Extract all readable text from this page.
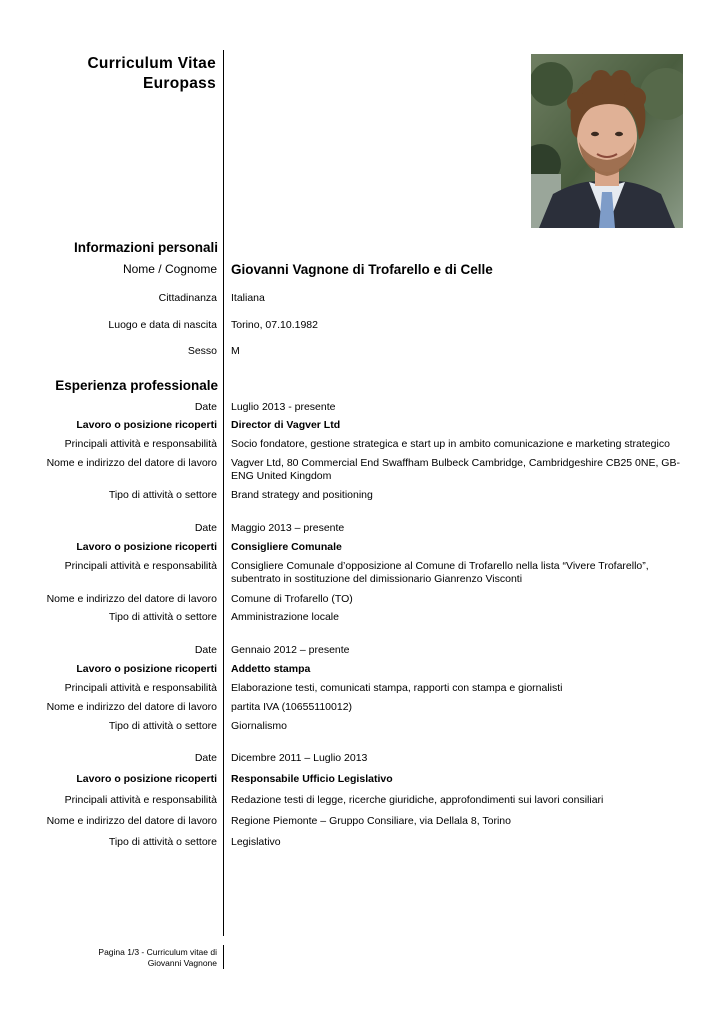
Curriculum Vitae
Europass
Informazioni personali
Nome / Cognome Giovanni Vagnone di Trofarello e di Celle
Cittadinanza Italiana
Luogo e data di nascita Torino, 07.10.1982
Sesso M
Esperienza professionale
Date Luglio 2013 - presente
Lavoro o posizione ricoperti Director di Vagver Ltd
Principali attività e responsabilità Socio fondatore, gestione strategica e start up in ambito comunicazione e marketing strategico
Nome e indirizzo del datore di lavoro Vagver Ltd, 80 Commercial End Swaffham Bulbeck Cambridge, Cambridgeshire CB25 0NE, GB-ENG United Kingdom
Tipo di attività o settore Brand strategy and positioning
Date Maggio 2013 – presente
Lavoro o posizione ricoperti Consigliere Comunale
Principali attività e responsabilità Consigliere Comunale d’opposizione al Comune di Trofarello nella lista “Vivere Trofarello”, subentrato in sostituzione del dimissionario Gianrenzo Visconti
Nome e indirizzo del datore di lavoro Comune di Trofarello (TO)
Tipo di attività o settore Amministrazione locale
Date Gennaio 2012 – presente
Lavoro o posizione ricoperti Addetto stampa
Principali attività e responsabilità Elaborazione testi, comunicati stampa, rapporti con stampa e giornalisti
Nome e indirizzo del datore di lavoro partita IVA (10655110012)
Tipo di attività o settore Giornalismo
Date Dicembre 2011 – Luglio 2013
Lavoro o posizione ricoperti Responsabile Ufficio Legislativo
Principali attività e responsabilità Redazione testi di legge, ricerche giuridiche, approfondimenti sui lavori consiliari
Nome e indirizzo del datore di lavoro Regione Piemonte – Gruppo Consiliare, via Dellala 8, Torino
Tipo di attività o settore Legislativo
Pagina 1/3 - Curriculum vitae di
Giovanni Vagnone
